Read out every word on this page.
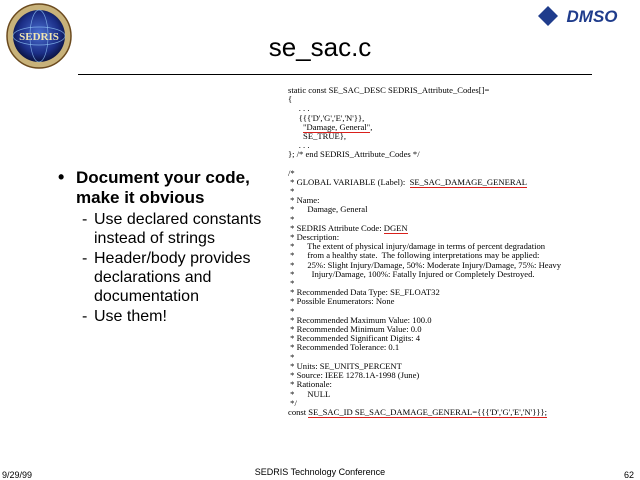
SEDRIS
DMSO
se_sac.c
• Document your code, make it obvious
- Use declared constants instead of strings
- Header/body provides declarations and documentation
- Use them!
static const SE_SAC_DESC SEDRIS_Attribute_Codes[]=
{
. . .
{{{'D','G','E','N'}},
"Damage, General",
SE_TRUE},
. . .
}; /* end SEDRIS_Attribute_Codes */
/*
* GLOBAL VARIABLE (Label):  SE_SAC_DAMAGE_GENERAL
*
* Name:
*      Damage, General
*
* SEDRIS Attribute Code: DGEN
* Description:
*      The extent of physical injury/damage in terms of percent degradation
*      from a healthy state.  The following interpretations may be applied:
*      25%: Slight Injury/Damage, 50%: Moderate Injury/Damage, 75%: Heavy
*        Injury/Damage, 100%: Fatally Injured or Completely Destroyed.
*
* Recommended Data Type: SE_FLOAT32
* Possible Enumerators: None
*
* Recommended Maximum Value: 100.0
* Recommended Minimum Value: 0.0
* Recommended Significant Digits: 4
* Recommended Tolerance: 0.1
*
* Units: SE_UNITS_PERCENT
* Source: IEEE 1278.1A-1998 (June)
* Rationale:
*      NULL
*/
const SE_SAC_ID SE_SAC_DAMAGE_GENERAL={{{'D','G','E','N'}}};
9/29/99	SEDRIS Technology Conference	62
